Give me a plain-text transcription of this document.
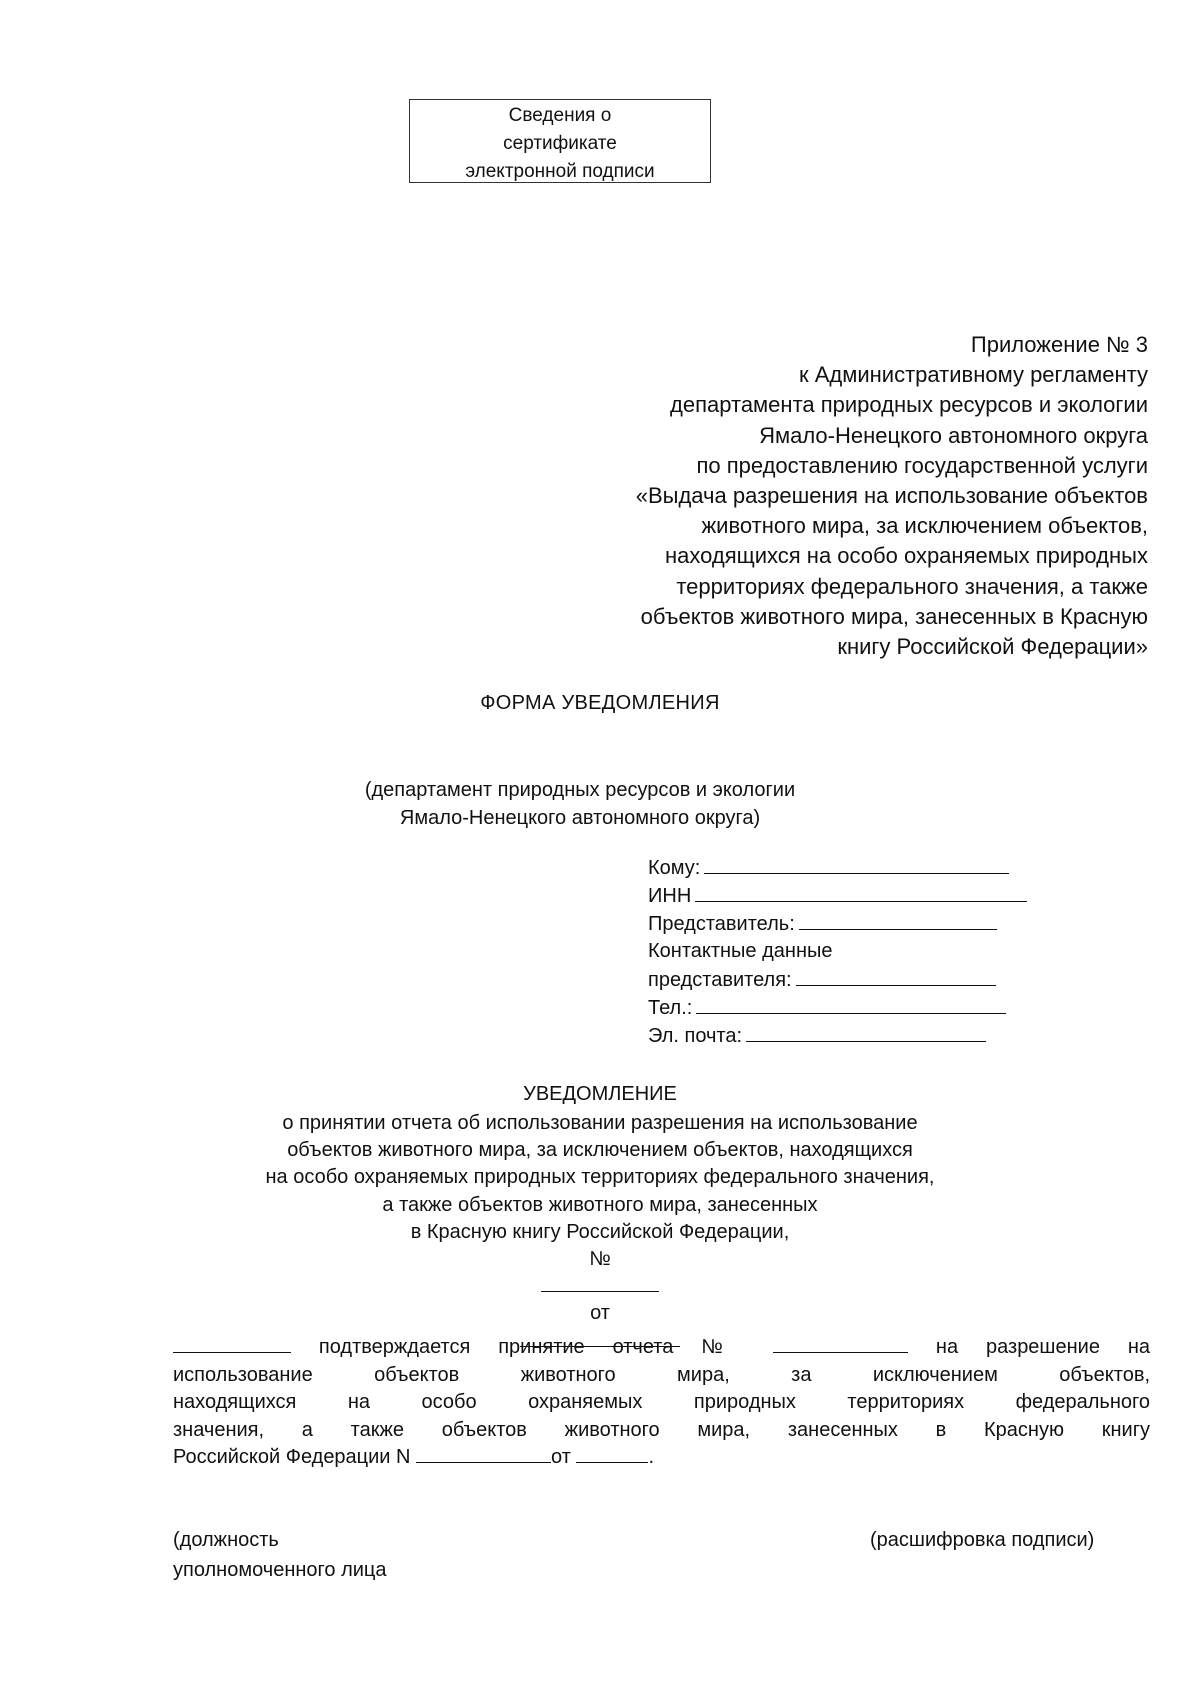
Сведения о
сертификате
электронной подписи
Приложение № 3
к Административному регламенту
департамента природных ресурсов и экологии
Ямало-Ненецкого автономного округа
по предоставлению государственной услуги
«Выдача разрешения на использование объектов
животного мира, за исключением объектов,
находящихся на особо охраняемых природных
территориях федерального значения, а также
объектов животного мира, занесенных в Красную
книгу Российской Федерации»
ФОРМА УВЕДОМЛЕНИЯ
(департамент природных ресурсов и экологии
Ямало-Ненецкого автономного округа)
Кому:
ИНН
Представитель:
Контактные данные
представителя:
Тел.:
Эл. почта:
УВЕДОМЛЕНИЕ
о принятии отчета об использовании разрешения на использование
объектов животного мира, за исключением объектов, находящихся
на особо охраняемых природных территориях федерального значения,
а также объектов животного мира, занесенных
в Красную книгу Российской Федерации,
№
от
подтверждается принятие отчета №	на разрешение на
использование объектов животного мира, за исключением объектов,
находящихся на особо охраняемых природных территориях федерального
значения, а также объектов животного мира, занесенных в Красную книгу
Российской Федерации N	от	.
(должность
уполномоченного лица
(расшифровка подписи)
